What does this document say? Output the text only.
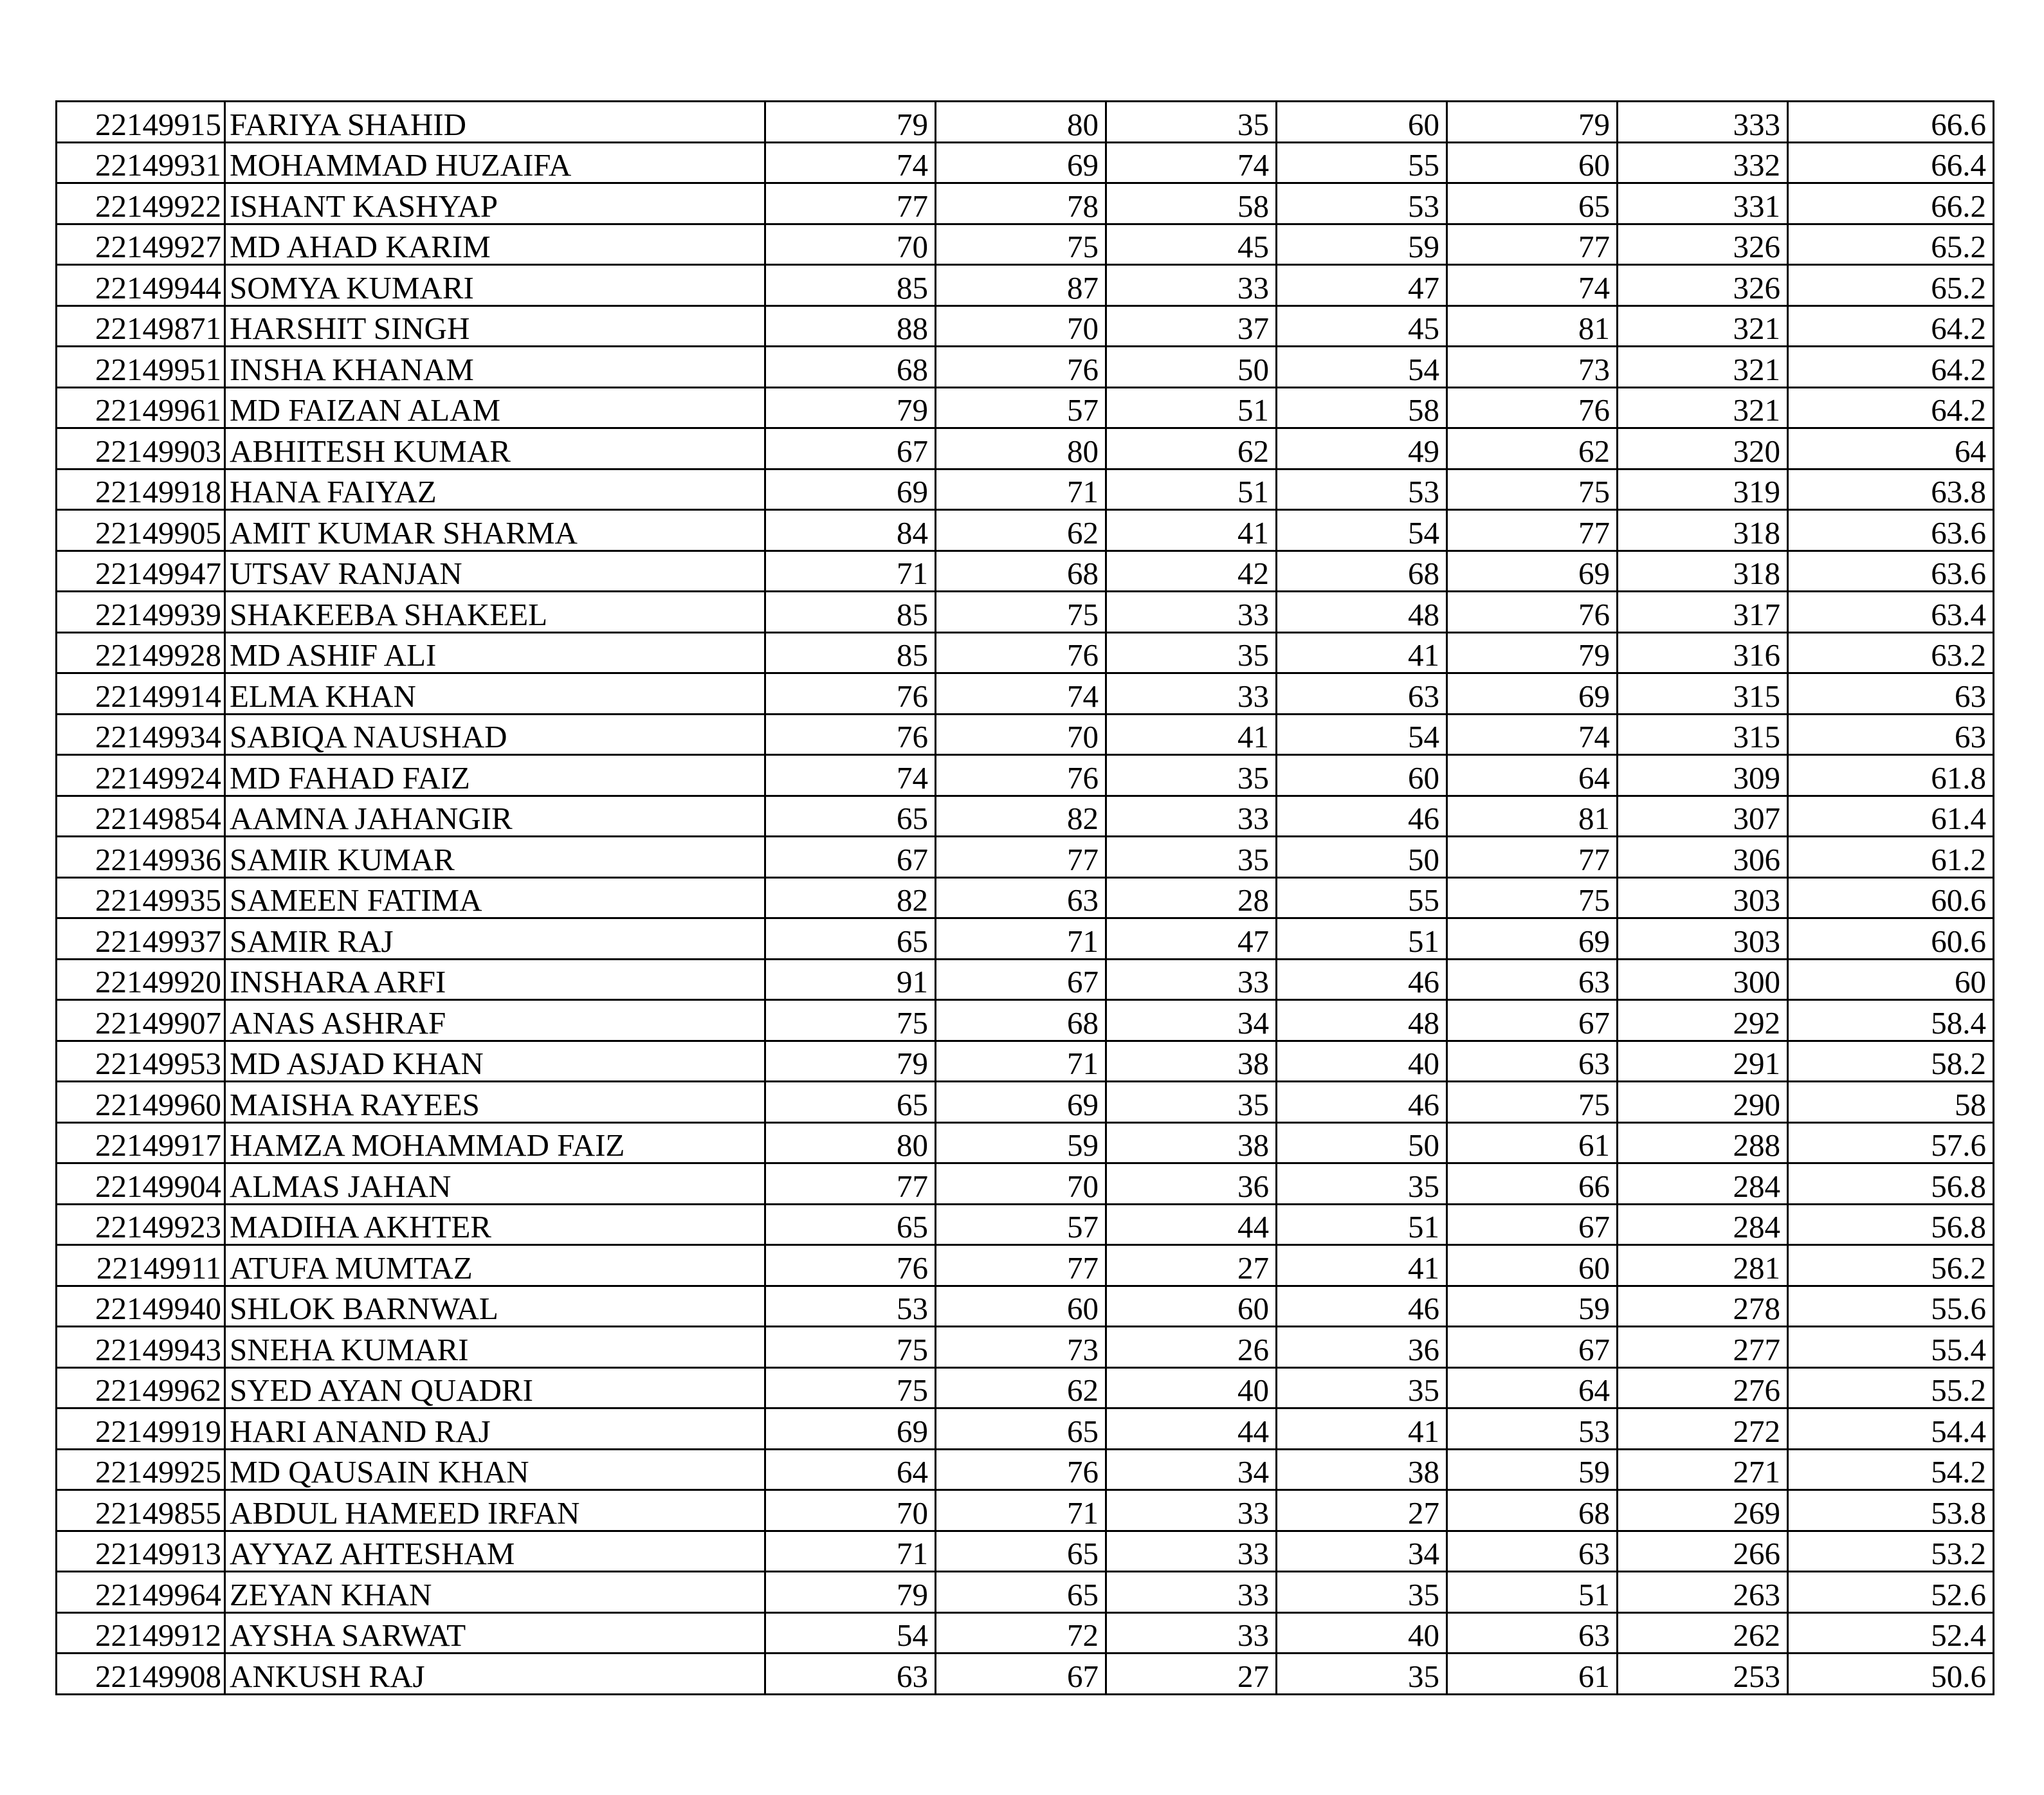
22149915	FARIYA SHAHID	79	80	35	60	79	333	66.6
22149931	MOHAMMAD HUZAIFA	74	69	74	55	60	332	66.4
22149922	ISHANT KASHYAP	77	78	58	53	65	331	66.2
22149927	MD AHAD KARIM	70	75	45	59	77	326	65.2
22149944	SOMYA KUMARI	85	87	33	47	74	326	65.2
22149871	HARSHIT SINGH	88	70	37	45	81	321	64.2
22149951	INSHA KHANAM	68	76	50	54	73	321	64.2
22149961	MD FAIZAN ALAM	79	57	51	58	76	321	64.2
22149903	ABHITESH KUMAR	67	80	62	49	62	320	64
22149918	HANA FAIYAZ	69	71	51	53	75	319	63.8
22149905	AMIT KUMAR SHARMA	84	62	41	54	77	318	63.6
22149947	UTSAV RANJAN	71	68	42	68	69	318	63.6
22149939	SHAKEEBA SHAKEEL	85	75	33	48	76	317	63.4
22149928	MD ASHIF ALI	85	76	35	41	79	316	63.2
22149914	ELMA KHAN	76	74	33	63	69	315	63
22149934	SABIQA NAUSHAD	76	70	41	54	74	315	63
22149924	MD FAHAD FAIZ	74	76	35	60	64	309	61.8
22149854	AAMNA JAHANGIR	65	82	33	46	81	307	61.4
22149936	SAMIR KUMAR	67	77	35	50	77	306	61.2
22149935	SAMEEN FATIMA	82	63	28	55	75	303	60.6
22149937	SAMIR RAJ	65	71	47	51	69	303	60.6
22149920	INSHARA ARFI	91	67	33	46	63	300	60
22149907	ANAS ASHRAF	75	68	34	48	67	292	58.4
22149953	MD ASJAD KHAN	79	71	38	40	63	291	58.2
22149960	MAISHA RAYEES	65	69	35	46	75	290	58
22149917	HAMZA MOHAMMAD FAIZ	80	59	38	50	61	288	57.6
22149904	ALMAS JAHAN	77	70	36	35	66	284	56.8
22149923	MADIHA AKHTER	65	57	44	51	67	284	56.8
22149911	ATUFA MUMTAZ	76	77	27	41	60	281	56.2
22149940	SHLOK BARNWAL	53	60	60	46	59	278	55.6
22149943	SNEHA KUMARI	75	73	26	36	67	277	55.4
22149962	SYED AYAN QUADRI	75	62	40	35	64	276	55.2
22149919	HARI ANAND RAJ	69	65	44	41	53	272	54.4
22149925	MD QAUSAIN KHAN	64	76	34	38	59	271	54.2
22149855	ABDUL HAMEED IRFAN	70	71	33	27	68	269	53.8
22149913	AYYAZ AHTESHAM	71	65	33	34	63	266	53.2
22149964	ZEYAN KHAN	79	65	33	35	51	263	52.6
22149912	AYSHA SARWAT	54	72	33	40	63	262	52.4
22149908	ANKUSH RAJ	63	67	27	35	61	253	50.6
